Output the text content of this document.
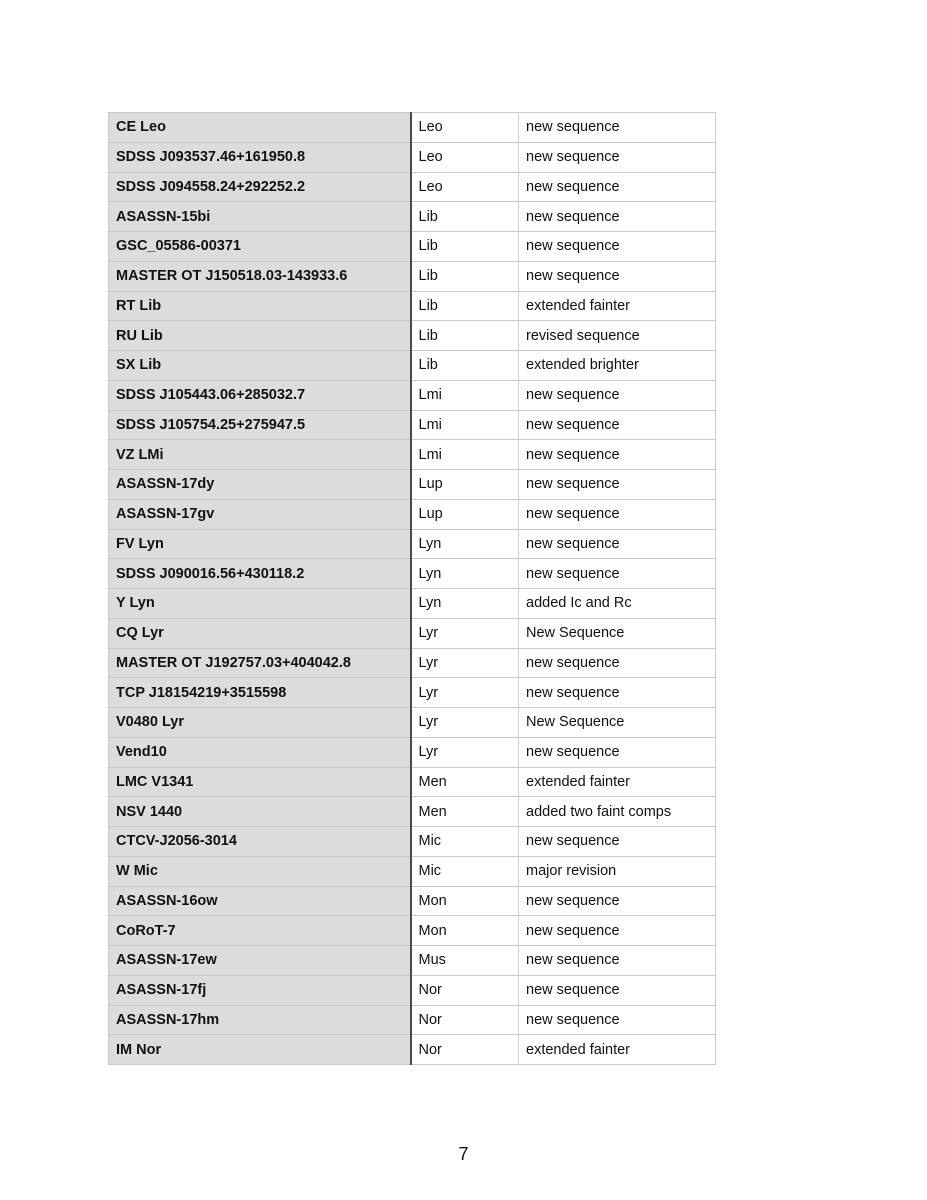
CE Leo	Leo	new sequence
SDSS J093537.46+161950.8	Leo	new sequence
SDSS J094558.24+292252.2	Leo	new sequence
ASASSN-15bi	Lib	new sequence
GSC_05586-00371	Lib	new sequence
MASTER OT J150518.03-143933.6	Lib	new sequence
RT Lib	Lib	extended fainter
RU Lib	Lib	revised sequence
SX Lib	Lib	extended brighter
SDSS J105443.06+285032.7	Lmi	new sequence
SDSS J105754.25+275947.5	Lmi	new sequence
VZ LMi	Lmi	new sequence
ASASSN-17dy	Lup	new sequence
ASASSN-17gv	Lup	new sequence
FV Lyn	Lyn	new sequence
SDSS J090016.56+430118.2	Lyn	new sequence
Y Lyn	Lyn	added Ic and Rc
CQ Lyr	Lyr	New Sequence
MASTER OT J192757.03+404042.8	Lyr	new sequence
TCP J18154219+3515598	Lyr	new sequence
V0480 Lyr	Lyr	New Sequence
Vend10	Lyr	new sequence
LMC V1341	Men	extended fainter
NSV 1440	Men	added two faint comps
CTCV-J2056-3014	Mic	new sequence
W Mic	Mic	major revision
ASASSN-16ow	Mon	new sequence
CoRoT-7	Mon	new sequence
ASASSN-17ew	Mus	new sequence
ASASSN-17fj	Nor	new sequence
ASASSN-17hm	Nor	new sequence
IM Nor	Nor	extended fainter
7
